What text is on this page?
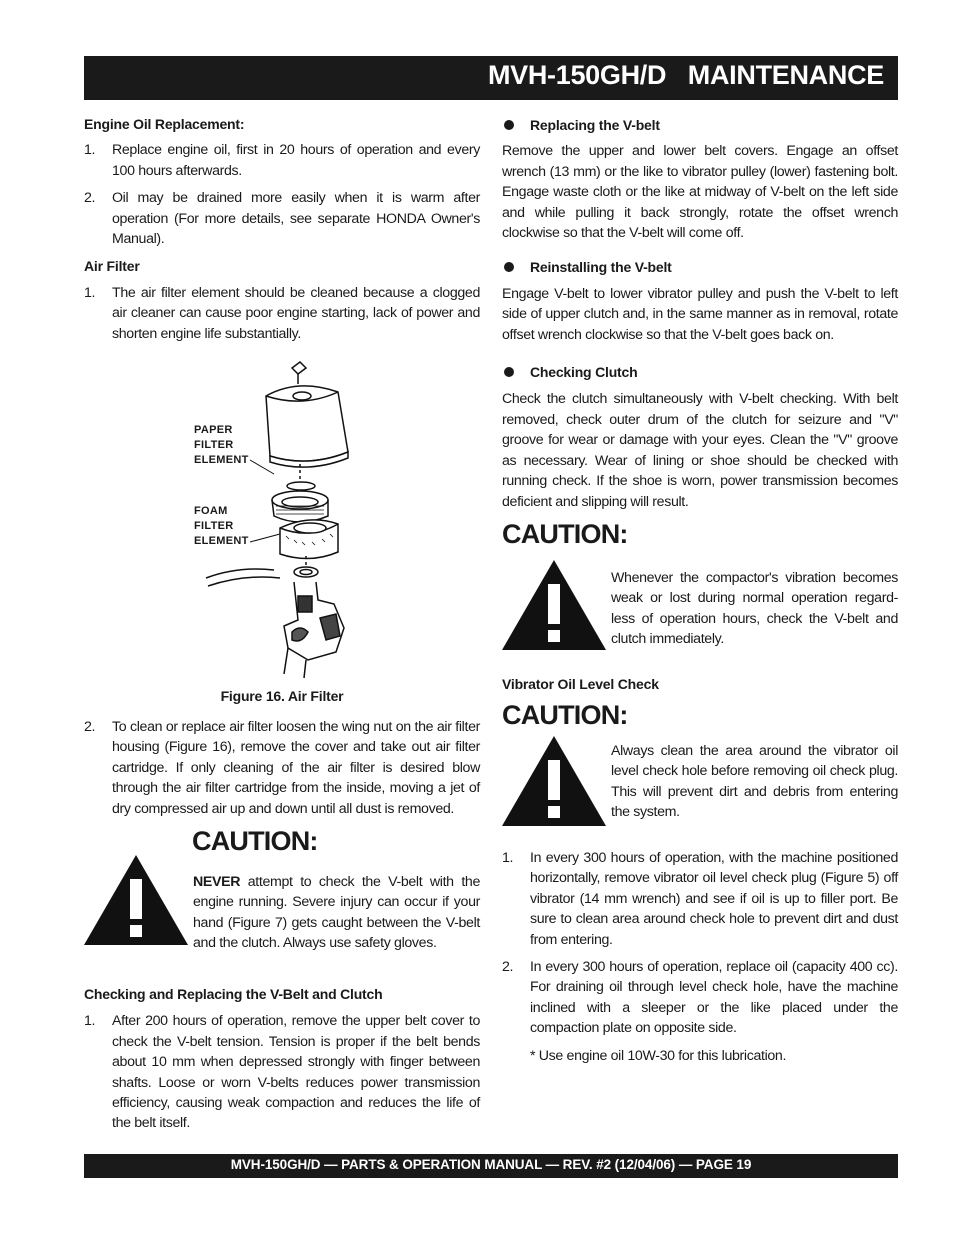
MVH-150GH/D   MAINTENANCE

Engine Oil Replacement:

1. Replace engine oil, first in 20 hours of operation and every 100 hours afterwards.

2. Oil may be drained more easily when it is warm after operation (For more details, see separate HONDA Owner's Manual).

Air Filter

1. The air filter element should be cleaned because a clogged air cleaner can cause poor engine starting, lack of power and shorten engine life substantially.

PAPER
FILTER
ELEMENT
FOAM
FILTER
ELEMENT
Figure 16. Air Filter

2. To clean or replace air filter loosen the wing nut on the air filter housing (Figure 16), remove the cover and take out air filter cartridge. If only cleaning of the air filter is desired blow through the air filter cartridge from the inside, moving a jet of dry compressed air up and down until all dust is removed.

CAUTION:

NEVER attempt to check the V-belt with the engine running. Severe injury can occur if your hand (Figure 7) gets caught between the V-belt and the clutch. Always use safety gloves.

Checking and Replacing the V-Belt and Clutch

1. After 200 hours of operation, remove the upper belt cover to check the V-belt tension. Tension is proper if the belt bends about 10 mm when depressed strongly with finger between shafts. Loose or worn V-belts reduces power transmission efficiency, causing weak compaction and reduces the life of the belt itself.

Replacing the V-belt

Remove the upper and lower belt covers. Engage an offset wrench (13 mm) or the like to vibrator pulley (lower) fastening bolt. Engage waste cloth or the like at midway of V-belt on the left side and while pulling it back strongly, rotate the offset wrench clockwise so that the V-belt will come off.

Reinstalling the V-belt

Engage V-belt to lower vibrator pulley and push the V-belt to left side of upper clutch and, in the same manner as in removal, rotate offset wrench clockwise so that the V-belt goes back on.

Checking Clutch

Check the clutch simultaneously with V-belt checking. With belt removed, check outer drum of the clutch for seizure and "V" groove for wear or damage with your eyes. Clean the "V" groove as necessary. Wear of lining or shoe should be checked with running check. If the shoe is worn, power transmission becomes deficient and slipping will result.

CAUTION:

Whenever the compactor's vibration becomes weak or lost during normal operation regard-less of operation hours, check the V-belt and clutch immediately.

Vibrator Oil Level Check

CAUTION:

Always clean the area around the vibrator oil level check hole before removing oil check plug. This will prevent dirt and debris from entering the system.

1. In every 300 hours of operation, with the machine positioned horizontally, remove vibrator oil level check plug (Figure 5) off vibrator (14 mm wrench) and see if oil is up to filler port. Be sure to clean area around check hole to prevent dirt and dust from entering.

2. In every 300 hours of operation, replace oil (capacity 400 cc). For draining oil through level check hole, have the machine inclined with a sleeper or the like placed under the compaction plate on opposite side.

* Use engine oil 10W-30 for this lubrication.

MVH-150GH/D — PARTS & OPERATION MANUAL — REV. #2 (12/04/06) — PAGE 19
